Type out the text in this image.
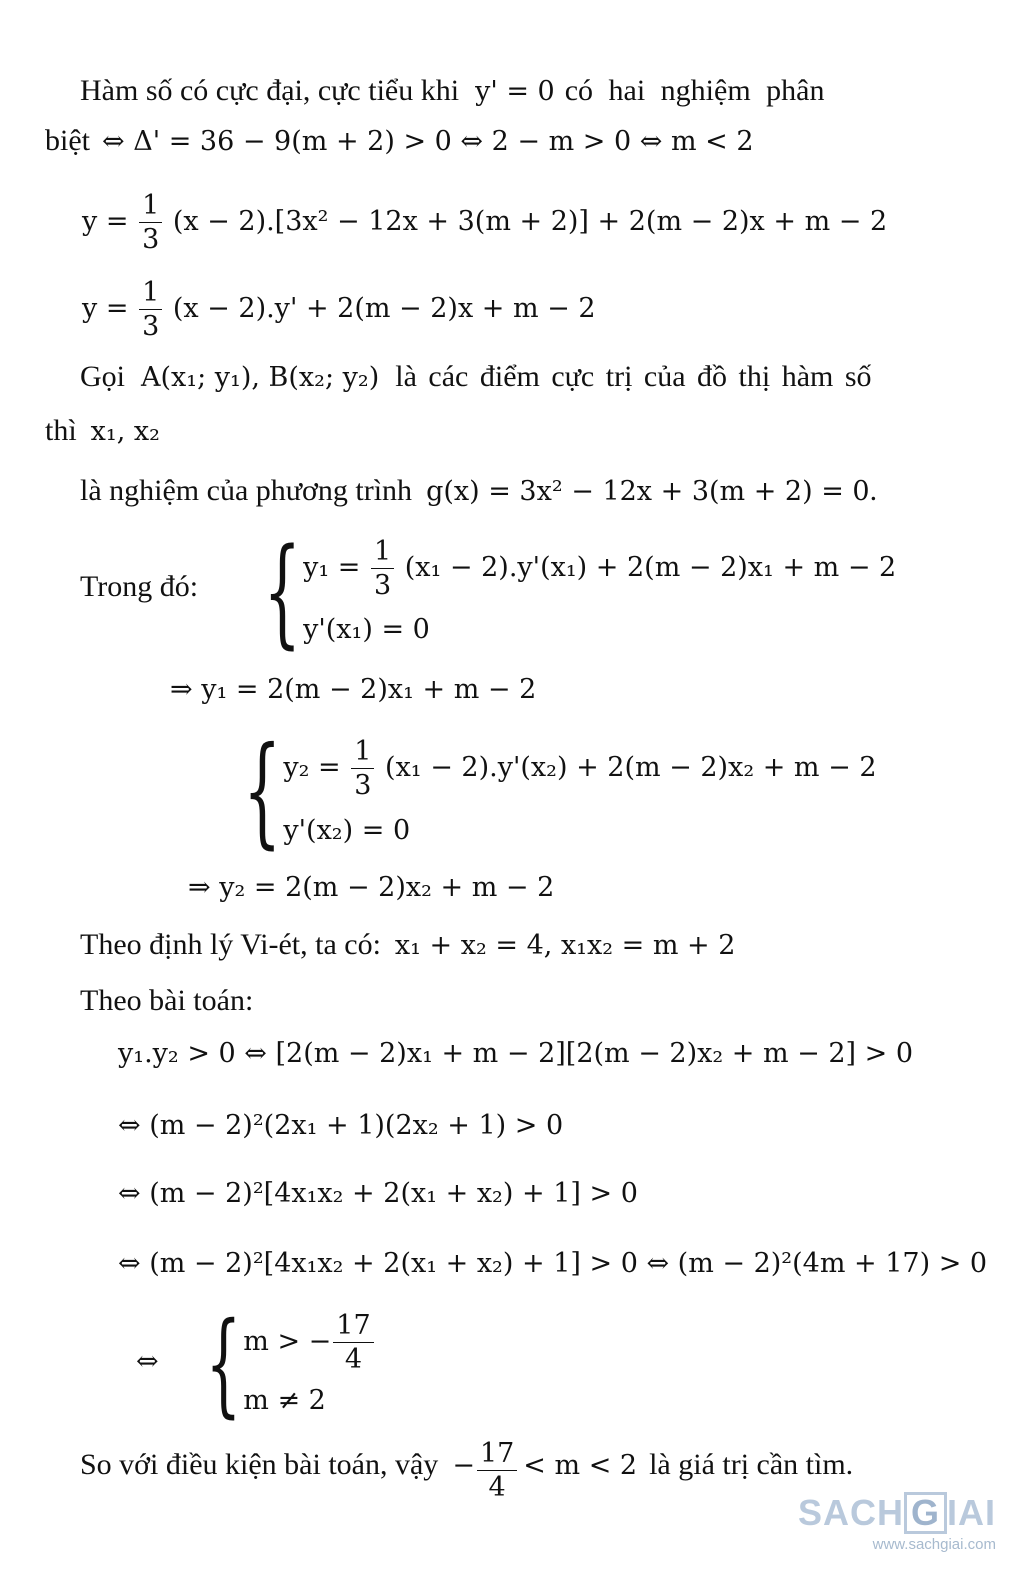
Hàm số có cực đại, cực tiểu khi y' = 0 có hai nghiệm phân
biệt ⇔ Δ' = 36 − 9(m + 2) > 0 ⇔ 2 − m > 0 ⇔ m < 2
$y = \frac{1}{3} (x - 2).[3x^2 - 12x + 3(m + 2)] + 2(m - 2)x + m - 2$
$y = \frac{1}{3} (x - 2).y' + 2(m - 2)x + m - 2$
Gọi A(x₁; y₁), B(x₂; y₂) là các điểm cực trị của đồ thị hàm số
thì x₁, x₂
là nghiệm của phương trình g(x) = 3x² − 12x + 3(m + 2) = 0.
Trong đó: { $y_1 = \frac{1}{3} (x_1 - 2).y'(x_1) + 2(m - 2)x_1 + m - 2$
y'(x₁) = 0
⇒ y₁ = 2(m − 2)x₁ + m − 2
{ $y_2 = \frac{1}{3} (x_1 - 2).y'(x_2) + 2(m - 2)x_2 + m - 2$
y'(x₂) = 0
⇒ y₂ = 2(m − 2)x₂ + m − 2
Theo định lý Vi-ét, ta có: x₁ + x₂ = 4, x₁x₂ = m + 2
Theo bài toán:
y₁.y₂ > 0 ⇔ [2(m − 2)x₁ + m − 2][2(m − 2)x₂ + m − 2] > 0
⇔ (m − 2)²(2x₁ + 1)(2x₂ + 1) > 0
⇔ (m − 2)²[4x₁x₂ + 2(x₁ + x₂) + 1] > 0
⇔ (m − 2)²[4x₁x₂ + 2(x₁ + x₂) + 1] > 0 ⇔ (m − 2)²(4m + 17) > 0
⇔ { m > − $\frac{17}{4}$
m ≠ 2
So với điều kiện bài toán, vậy − $\frac{17}{4} < m < 2$ là giá trị cần tìm.
SACH G IAI
www.sachgiai.com
